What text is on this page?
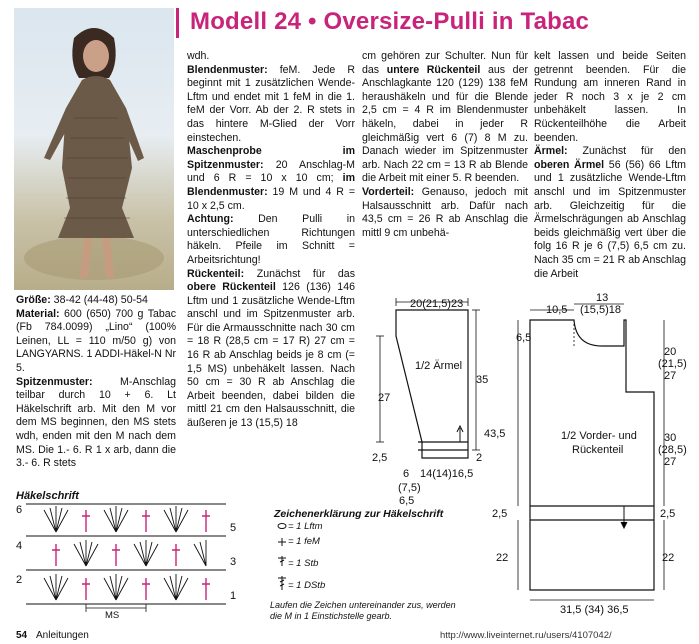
Modell 24 • Oversize-Pulli in Tabac

Größe: 38-42 (44-48) 50-54

Material: 600 (650) 700 g Tabac (Fb 784.0099) „Lino“ (100% Leinen, LL = 110 m/50 g) von LANGYARNS. 1 ADDI-Häkel-N Nr 5.

Spitzenmuster: M-Anschlag teilbar durch 10 + 6. Lt Häkelschrift arb. Mit den M vor dem MS beginnen, den MS stets wdh, enden mit den M nach dem MS. Die 1.- 6. R 1 x arb, dann die 3.- 6. R stets

wdh.

Blendenmuster: feM. Jede R beginnt mit 1 zusätzlichen Wende-Lftm und endet mit 1 feM in die 1. feM der Vorr. Ab der 2. R stets in das hintere M-Glied der Vorr einstechen.

Maschenprobe im Spitzenmuster: 20 Anschlag-M und 6 R = 10 x 10 cm; im Blendenmuster: 19 M und 4 R = 10 x 2,5 cm.

Achtung: Den Pulli in unterschiedlichen Richtungen häkeln. Pfeile im Schnitt = Arbeitsrichtung!

Rückenteil: Zunächst für das obere Rückenteil 126 (136) 146 Lftm und 1 zusätzliche Wende-Lftm anschl und im Spitzenmuster arb. Für die Armausschnitte nach 30 cm = 18 R (28,5 cm = 17 R) 27 cm = 16 R ab Anschlag beids je 8 cm (= 1,5 MS) unbehäkelt lassen. Nach 50 cm = 30 R ab Anschlag die Arbeit beenden, dabei bilden die mittl 21 cm den Halsausschnitt, die äußeren je 13 (15,5) 18

cm gehören zur Schulter. Nun für das untere Rückenteil aus der Anschlagkante 120 (129) 138 feM heraushäkeln und für die Blende 2,5 cm = 4 R im Blendenmuster häkeln, dabei in jeder R gleichmäßig vert 6 (7) 8 M zu. Danach wieder im Spitzenmuster arb. Nach 22 cm = 13 R ab Blende die Arbeit mit einer 5. R beenden.

Vorderteil: Genauso, jedoch mit Halsausschnitt arb. Dafür nach 43,5 cm = 26 R ab Anschlag die mittl 9 cm unbehä-

kelt lassen und beide Seiten getrennt beenden. Für die Rundung am inneren Rand in jeder R noch 3 x je 2 cm unbehäkelt lassen. In Rückenteilhöhe die Arbeit beenden.

Ärmel: Zunächst für den oberen Ärmel 56 (56) 66 Lftm und 1 zusätzliche Wende-Lftm anschl und im Spitzenmuster arb. Gleichzeitig für die Ärmelschrägungen ab Anschlag beids gleichmäßig vert über die folg 16 R je 6 (7,5) 6,5 cm zu. Nach 35 cm = 21 R ab Anschlag die Arbeit

20(21,5)23
1/2 Ärmel
27
35
2,5	2
6 14(14)16,5
(7,5)
6,5
10,5
13
(15,5)18
6,5
1/2 Vorder- und
Rückenteil
43,5
20
(21,5)
27
30
(28,5)
27
2,5	2,5
22	22
31,5 (34) 36,5
Häkelschrift
6
4
2
5
3
1
MS
Zeichenerklärung zur Häkelschrift
= 1 Lftm
= 1 feM
= 1 Stb
= 1 DStb
Laufen die Zeichen untereinander zus, werden die M in 1 Einstichstelle gearb.
54 Anleitungen	http://www.liveinternet.ru/users/4107042/
